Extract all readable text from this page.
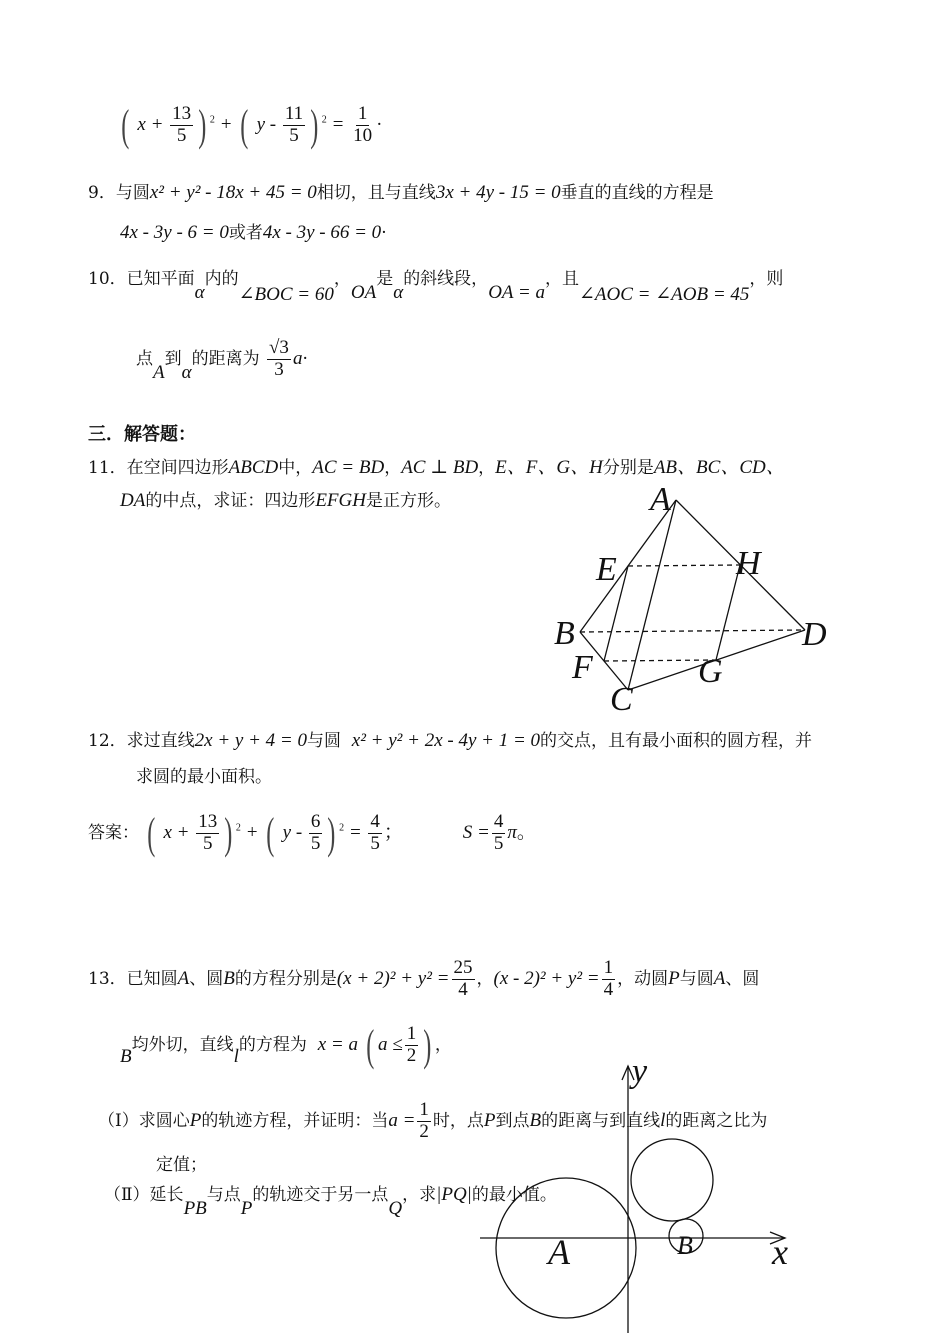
( $x + \frac{13}{5}$ ) $^2$ + ( y - $\frac{11}{5}$ ) $^2 = \frac{1}{10}$ ·
9．与圆x² + y² - 18x + 45 = 0相切，且与直线3x + 4y - 15 = 0垂直的直线的方程是
4x - 3y - 6 = 0或者4x - 3y - 66 = 0·
10．已知平面α内的∠BOC = 60，OA是α的斜线段，OA = a，且∠AOC = ∠AOB = 45，则
点A到α的距离为 $\frac{√3}{3} a\cdot$
三．解答题：
11．在空间四边形ABCD中，AC = BD，AC ⊥ BD，E、F、G、H分别是AB、BC、CD、
DA的中点，求证：四边形EFGH是正方形。	A
B
C
D
E
F	G
H
12．求过直线2x + y + 4 = 0与圆 x² + y² + 2x - 4y + 1 = 0的交点，且有最小面积的圆方程，并
求圆的最小面积。
答案： ( $x + \frac{13}{5}$ ) $^2$ + ( y - $\frac{6}{5}$ ) $^2 = \frac{4}{5}$ ；	$S = \frac{4}{5}$ π。
13．已知圆A、圆B的方程分别是$(x + 2)^2 + y^2 = \frac{25}{4}$ ，$(x - 2)^2 + y^2 = \frac{1}{4}$ ，动圆P与圆A、圆
B均外切，直线l的方程为 x = a ( $a \le \frac{1}{2}$ ) ，
（Ⅰ）求圆心P的轨迹方程，并证明：当$a = \frac{1}{2}$ 时，点P到点B的距离与到直线l的距离之比为
定值；
（Ⅱ）延长PB与点P的轨迹交于另一点Q，求|PQ|的最小值。
y
x
A	B
